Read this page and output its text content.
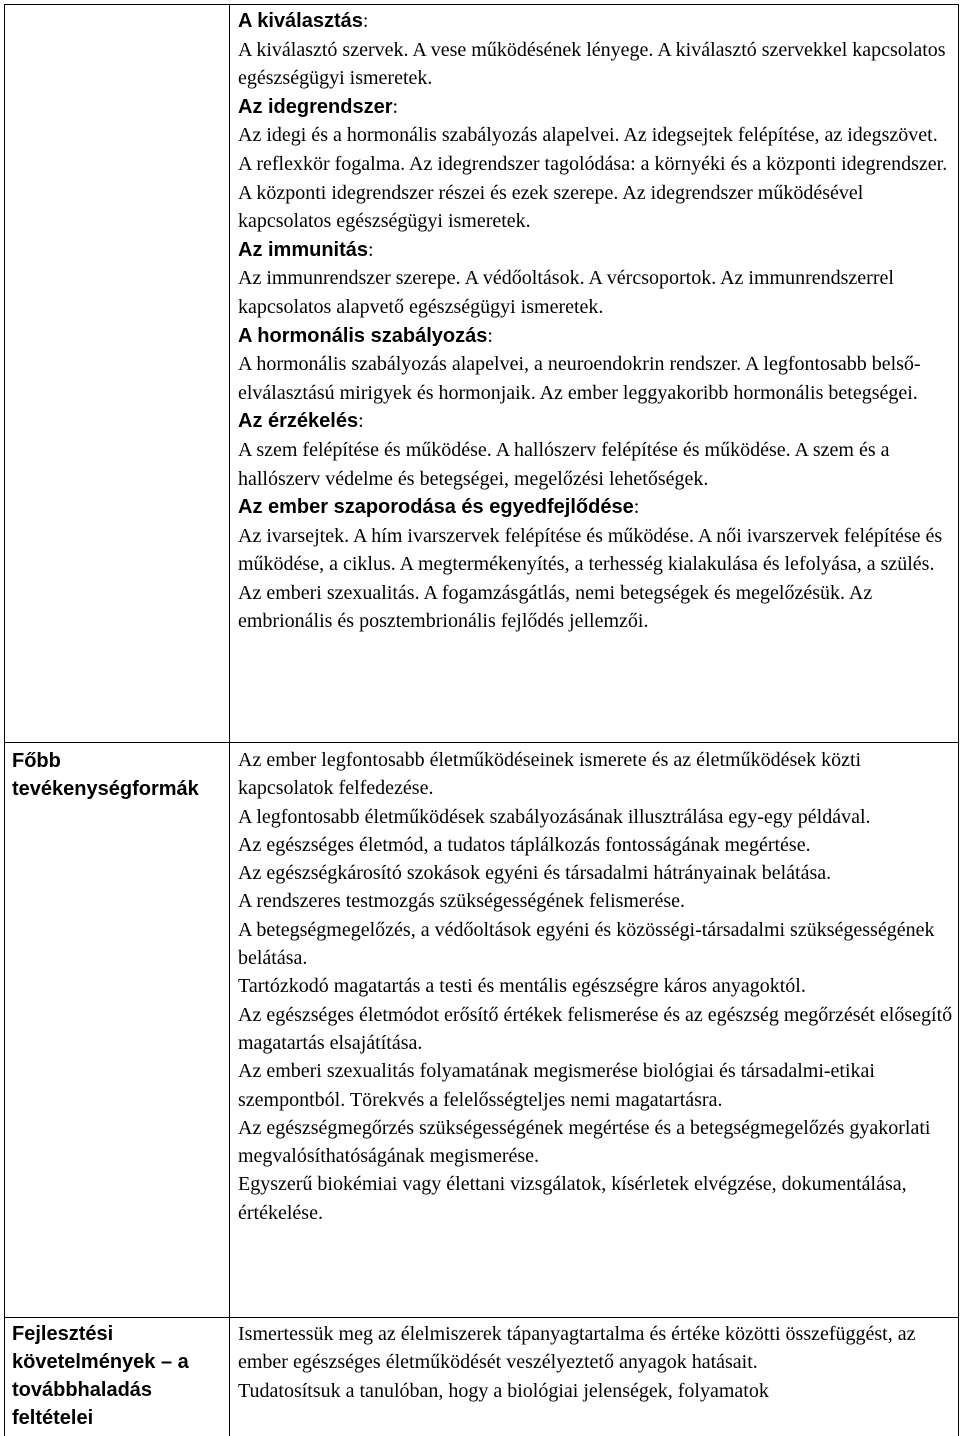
A kiválasztás:

A kiválasztó szervek. A vese működésének lényege. A kiválasztó szervekkel kapcsolatos egészségügyi ismeretek.

Az idegrendszer:

Az idegi és a hormonális szabályozás alapelvei. Az idegsejtek felépítése, az idegszövet. A reflexkör fogalma. Az idegrendszer tagolódása: a környéki és a központi idegrendszer. A központi idegrendszer részei és ezek szerepe. Az idegrendszer működésével kapcsolatos egészségügyi ismeretek.

Az immunitás:

Az immunrendszer szerepe. A védőoltások. A vércsoportok. Az immunrendszerrel kapcsolatos alapvető egészségügyi ismeretek.

A hormonális szabályozás:

A hormonális szabályozás alapelvei, a neuroendokrin rendszer. A legfontosabb belső-elválasztású mirigyek és hormonjaik. Az ember leggyakoribb hormonális betegségei.

Az érzékelés:

A szem felépítése és működése. A hallószerv felépítése és működése. A szem és a hallószerv védelme és betegségei, megelőzési lehetőségek.

Az ember szaporodása és egyedfejlődése:

Az ivarsejtek. A hím ivarszervek felépítése és működése. A női ivarszervek felépítése és működése, a ciklus. A megtermékenyítés, a terhesség kialakulása és lefolyása, a szülés. Az emberi szexualitás. A fogamzásgátlás, nemi betegségek és megelőzésük. Az embrionális és posztembrionális fejlődés jellemzői.

Főbb tevékenységformák

Az ember legfontosabb életműködéseinek ismerete és az életműködések közti kapcsolatok felfedezése.

A legfontosabb életműködések szabályozásának illusztrálása egy-egy példával.

Az egészséges életmód, a tudatos táplálkozás fontosságának megértése.

Az egészségkárosító szokások egyéni és társadalmi hátrányainak belátása.

A rendszeres testmozgás szükségességének felismerése.

A betegségmegelőzés, a védőoltások egyéni és közösségi-társadalmi szükségességének belátása.

Tartózkodó magatartás a testi és mentális egészségre káros anyagoktól.

Az egészséges életmódot erősítő értékek felismerése és az egészség megőrzését elősegítő magatartás elsajátítása.

Az emberi szexualitás folyamatának megismerése biológiai és társadalmi-etikai szempontból. Törekvés a felelősségteljes nemi magatartásra.

Az egészségmegőrzés szükségességének megértése és a betegségmegelőzés gyakorlati megvalósíthatóságának megismerése.

Egyszerű biokémiai vagy élettani vizsgálatok, kísérletek elvégzése, dokumentálása, értékelése.

Fejlesztési követelmények – a továbbhaladás feltételei

Ismertessük meg az élelmiszerek tápanyagtartalma és értéke közötti összefüggést, az ember egészséges életműködését veszélyeztető anyagok hatásait.

Tudatosítsuk a tanulóban, hogy a biológiai jelenségek, folyamatok
